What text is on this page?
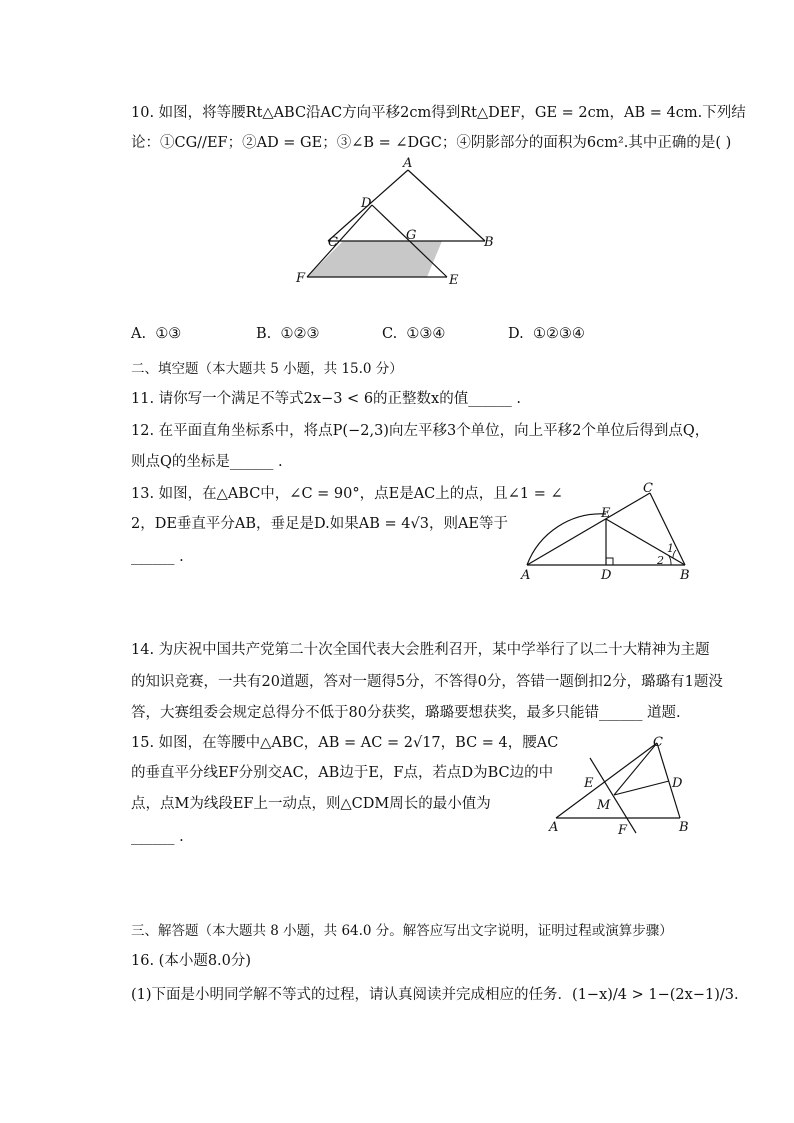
10. 如图，将等腰Rt△ABC沿AC方向平移2cm得到Rt△DEF，GE = 2cm，AB = 4cm.下列结
论：①CG//EF；②AD = GE；③∠B = ∠DGC；④阴影部分的面积为6cm².其中正确的是( )
A
D
C	G	B
F	E
A. ①③	B. ①②③	C. ①③④	D. ①②③④
二、填空题（本大题共 5 小题，共 15.0 分）
11. 请你写一个满足不等式2x−3 < 6的正整数x的值______ .
12. 在平面直角坐标系中，将点P(−2,3)向左平移3个单位，向上平移2个单位后得到点Q，
则点Q的坐标是______ .
13. 如图，在△ABC中，∠C = 90°，点E是AC上的点，且∠1 = ∠
2，DE垂直平分AB，垂足是D.如果AB = 4√3，则AE等于
______ .
C
E
A	D	B
1
2
14. 为庆祝中国共产党第二十次全国代表大会胜利召开，某中学举行了以二十大精神为主题
的知识竞赛，一共有20道题，答对一题得5分，不答得0分，答错一题倒扣2分，璐璐有1题没
答，大赛组委会规定总得分不低于80分获奖，璐璐要想获奖，最多只能错______ 道题.
15. 如图，在等腰中△ABC，AB = AC = 2√17，BC = 4，腰AC
的垂直平分线EF分别交AC，AB边于E，F点，若点D为BC边的中
点，点M为线段EF上一动点，则△CDM周长的最小值为
______ .
C
E	D
M
A	F	B
三、解答题（本大题共 8 小题，共 64.0 分。解答应写出文字说明，证明过程或演算步骤）
16. (本小题8.0分)
(1)下面是小明同学解不等式的过程，请认真阅读并完成相应的任务．(1−x)/4 > 1−(2x−1)/3.
